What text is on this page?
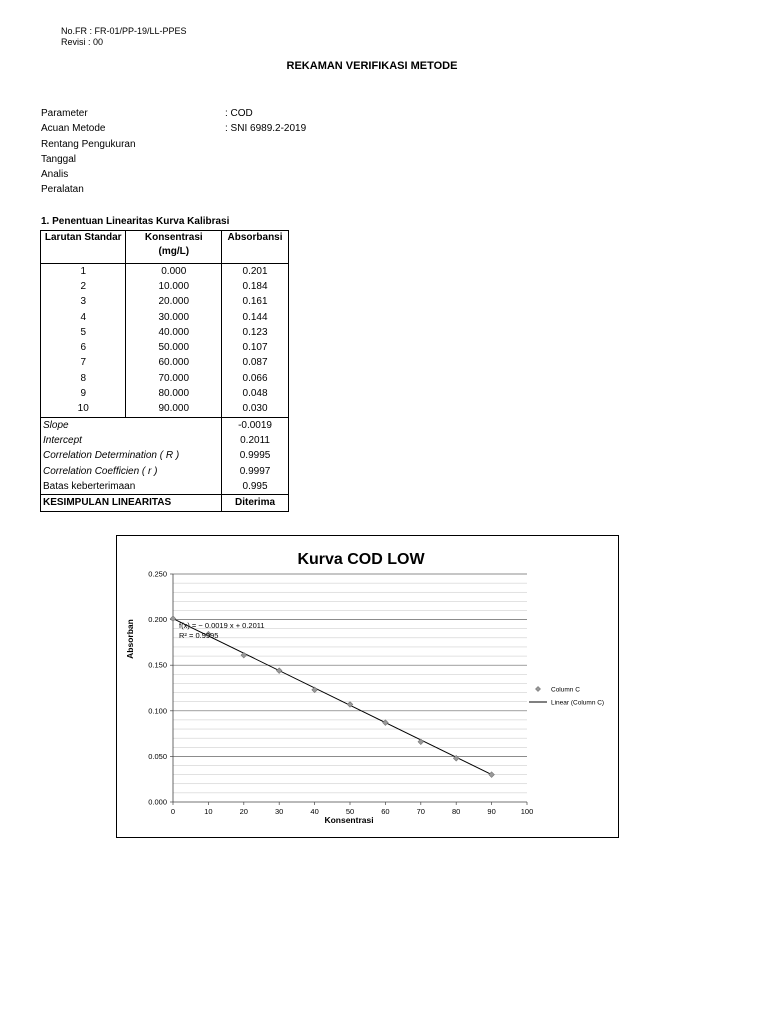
No.FR : FR-01/PP-19/LL-PPES
Revisi : 00
REKAMAN VERIFIKASI METODE
Parameter	: COD
Acuan Metode	: SNI 6989.2-2019
Rentang Pengukuran
Tanggal
Analis
Peralatan
1. Penentuan Linearitas Kurva Kalibrasi
Larutan Standar	Konsentrasi (mg/L)	Absorbansi
1	0.000	0.201
2	10.000	0.184
3	20.000	0.161
4	30.000	0.144
5	40.000	0.123
6	50.000	0.107
7	60.000	0.087
8	70.000	0.066
9	80.000	0.048
10	90.000	0.030
Slope		-0.0019
Intercept		0.2011
Correlation Determination ( R )		0.9995
Correlation Coefficien ( r )		0.9997
Batas keberterimaan		0.995
KESIMPULAN LINEARITAS		Diterima
Kurva COD LOW
0.000
0.050
0.100
0.150
0.200
0.250
0	10	20	30	40	50	60	70	80	90	100
f(x) = − 0.0019 x + 0.2011
R² = 0.9995
Konsentrasi
Absorban
Column C
Linear (Column C)
